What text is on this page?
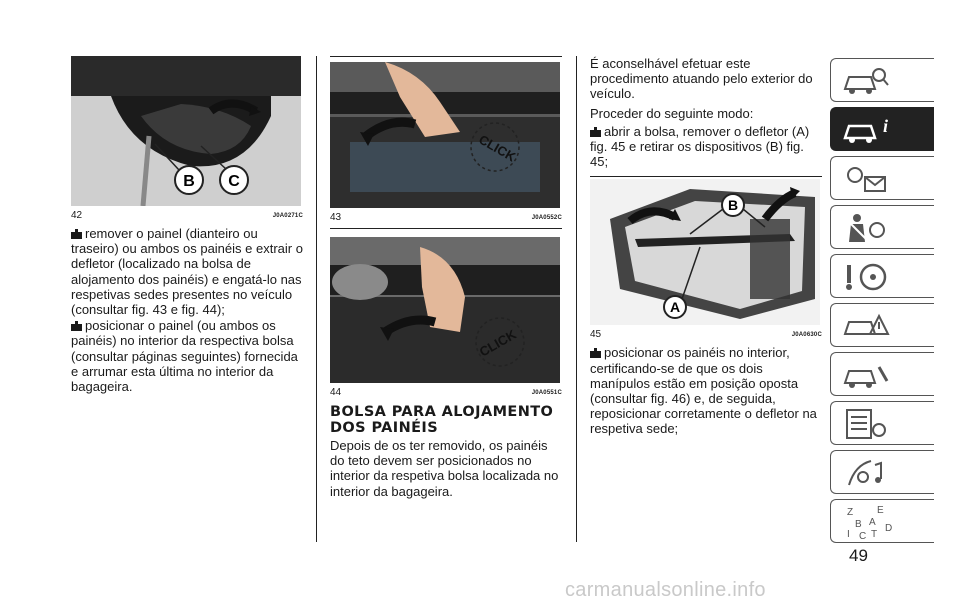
B C
42	J0A0271C

remover o painel (dianteiro ou traseiro) ou ambos os painéis e extrair o defletor (localizado na bolsa de alojamento dos painéis) e engatá-lo nas respetivas sedes presentes no veículo (consultar fig. 43 e fig. 44);

posicionar o painel (ou ambos os painéis) no interior da respectiva bolsa (consultar páginas seguintes) fornecida e arrumar esta última no interior da bagageira.

CLICK
43	J0A0552C
CLICK
44	J0A0551C
BOLSA PARA ALOJAMENTO DOS PAINÉIS

Depois de os ter removido, os painéis do teto devem ser posicionados no interior da respetiva bolsa localizada no interior da bagageira.

É aconselhável efetuar este procedimento atuando pelo exterior do veículo.

Proceder do seguinte modo:

abrir a bolsa, remover o defletor (A) fig. 45 e retirar os dispositivos (B) fig. 45;

B
A
45	J0A0630C

posicionar os painéis no interior, certificando-se de que os dois manípulos estão em posição oposta (consultar fig. 46) e, de seguida, reposicionar corretamente o defletor na respetiva sede;

i
Z E
B A
I C T
D
49
carmanualsonline.info
